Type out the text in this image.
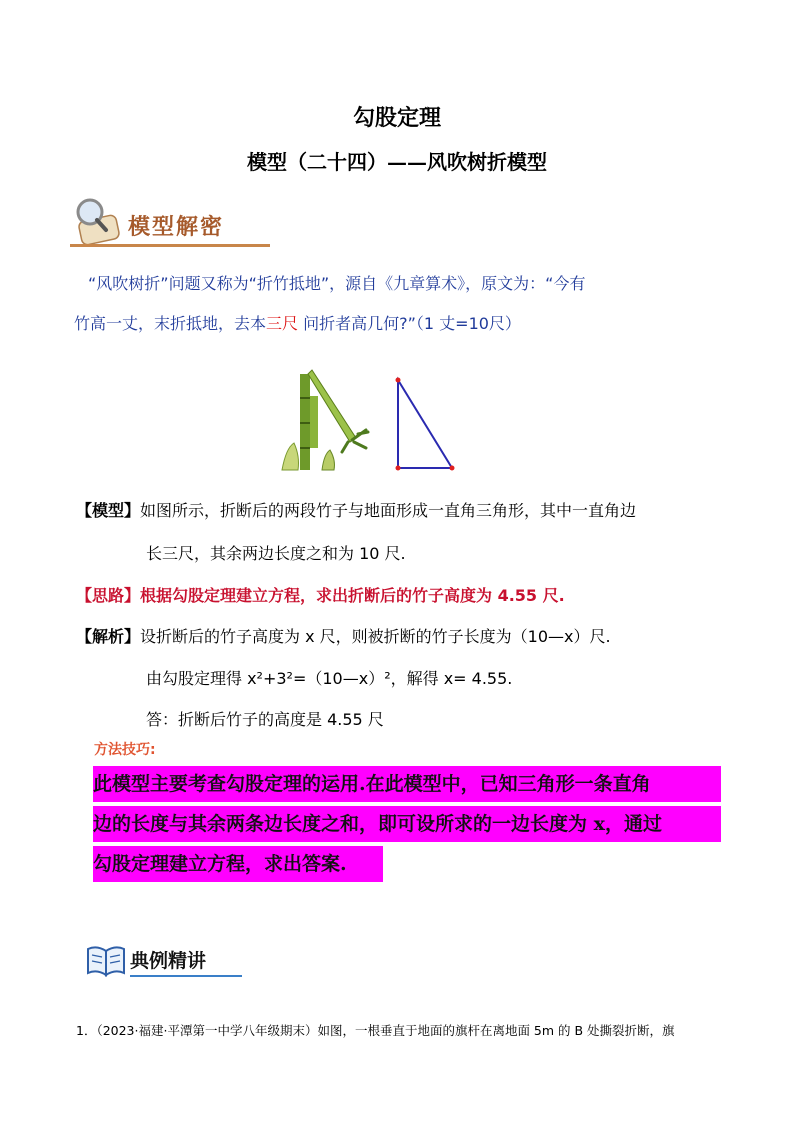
勾股定理
模型（二十四）——风吹树折模型
模型解密
“风吹树折”问题又称为“折竹抵地”，源自《九章算术》，原文为：“今有
竹高一丈，末折抵地，去本三尺 问折者高几何?”（1 丈=10尺）
【模型】如图所示，折断后的两段竹子与地面形成一直角三角形，其中一直角边
长三尺，其余两边长度之和为 10 尺.
【思路】根据勾股定理建立方程，求出折断后的竹子高度为 4.55 尺.
【解析】设折断后的竹子高度为 x 尺，则被折断的竹子长度为（10—x）尺.
由勾股定理得 x²+3²=（10—x）²，解得 x= 4.55.
答：折断后竹子的高度是 4.55 尺
方法技巧:
此模型主要考查勾股定理的运用.在此模型中，已知三角形一条直角
边的长度与其余两条边长度之和，即可设所求的一边长度为 x，通过
勾股定理建立方程，求出答案.
典例精讲
1．（2023·福建·平潭第一中学八年级期末）如图，一根垂直于地面的旗杆在离地面 5m 的 B 处撕裂折断，旗
